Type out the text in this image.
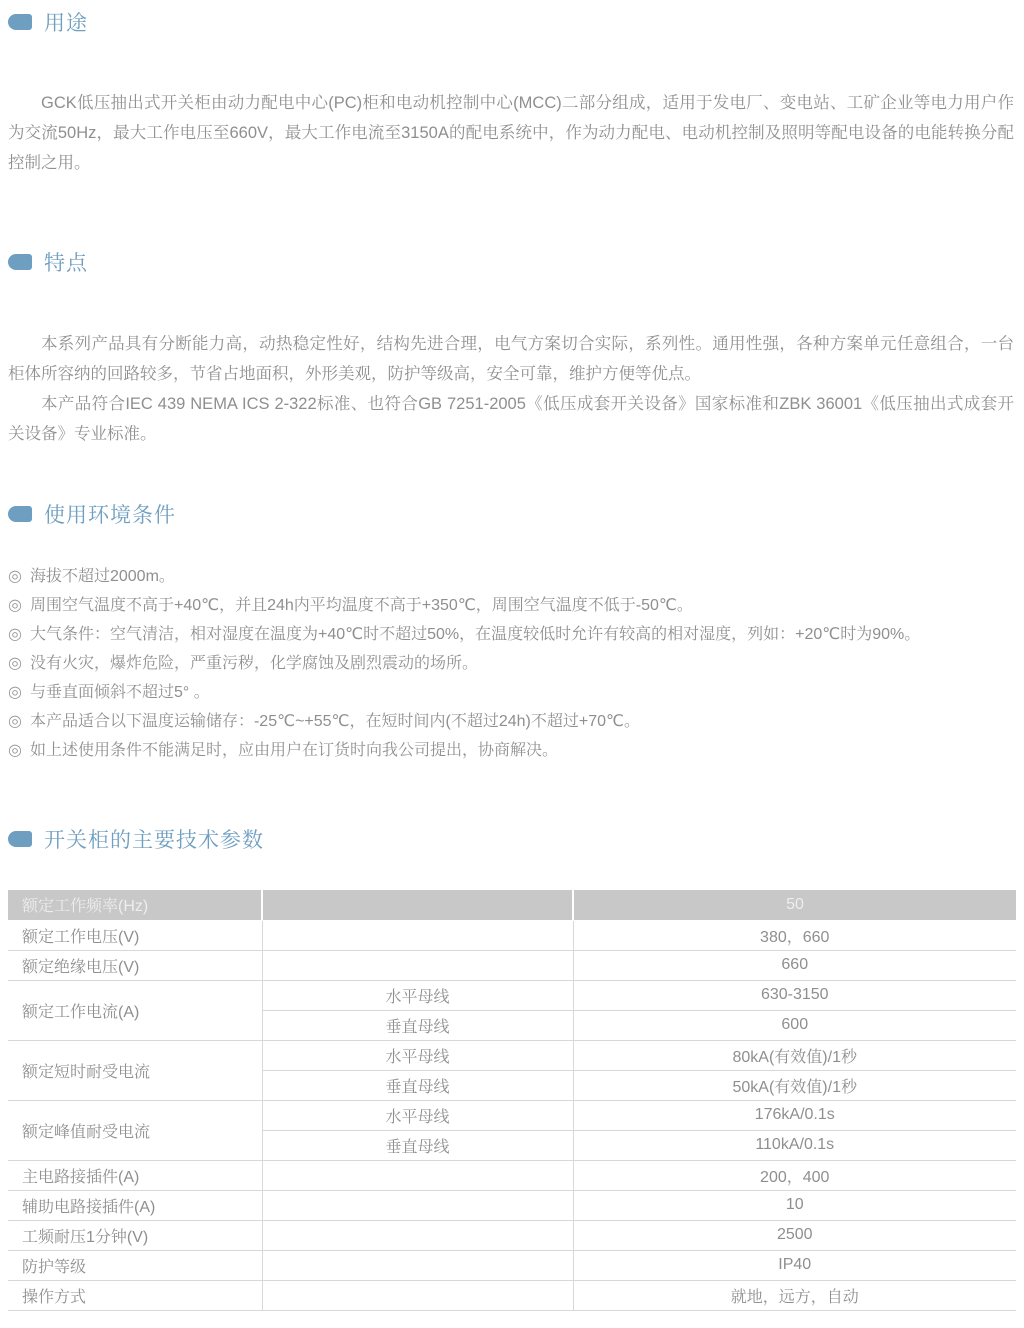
用途

GCK低压抽出式开关柜由动力配电中心(PC)柜和电动机控制中心(MCC)二部分组成，适用于发电厂、变电站、工矿企业等电力用户作为交流50Hz，最大工作电压至660V，最大工作电流至3150A的配电系统中，作为动力配电、电动机控制及照明等配电设备的电能转换分配控制之用。

特点

本系列产品具有分断能力高，动热稳定性好，结构先进合理，电气方案切合实际，系列性。通用性强，各种方案单元任意组合，一台柜体所容纳的回路较多，节省占地面积，外形美观，防护等级高，安全可靠，维护方便等优点。

本产品符合IEC 439 NEMA ICS 2-322标准、也符合GB 7251-2005《低压成套开关设备》国家标准和ZBK 36001《低压抽出式成套开关设备》专业标准。

使用环境条件
◎ 海拔不超过2000m。
◎ 周围空气温度不高于+40℃，并且24h内平均温度不高于+350℃，周围空气温度不低于-50℃。
◎ 大气条件：空气清洁，相对湿度在温度为+40℃时不超过50%，在温度较低时允许有较高的相对湿度，列如：+20℃时为90%。
◎ 没有火灾，爆炸危险，严重污秽，化学腐蚀及剧烈震动的场所。
◎ 与垂直面倾斜不超过5° 。
◎ 本产品适合以下温度运输储存：-25℃~+55℃，在短时间内(不超过24h)不超过+70℃。
◎ 如上述使用条件不能满足时，应由用户在订货时向我公司提出，协商解决。
开关柜的主要技术参数
额定工作频率(Hz)		50
额定工作电压(V)		380，660
额定绝缘电压(V)		660
额定工作电流(A)	水平母线	630-3150
	垂直母线	600
额定短时耐受电流	水平母线	80kA(有效值)/1秒
	垂直母线	50kA(有效值)/1秒
额定峰值耐受电流	水平母线	176kA/0.1s
	垂直母线	110kA/0.1s
主电路接插件(A)		200，400
辅助电路接插件(A)		10
工频耐压1分钟(V)		2500
防护等级		IP40
操作方式		就地，远方，自动
